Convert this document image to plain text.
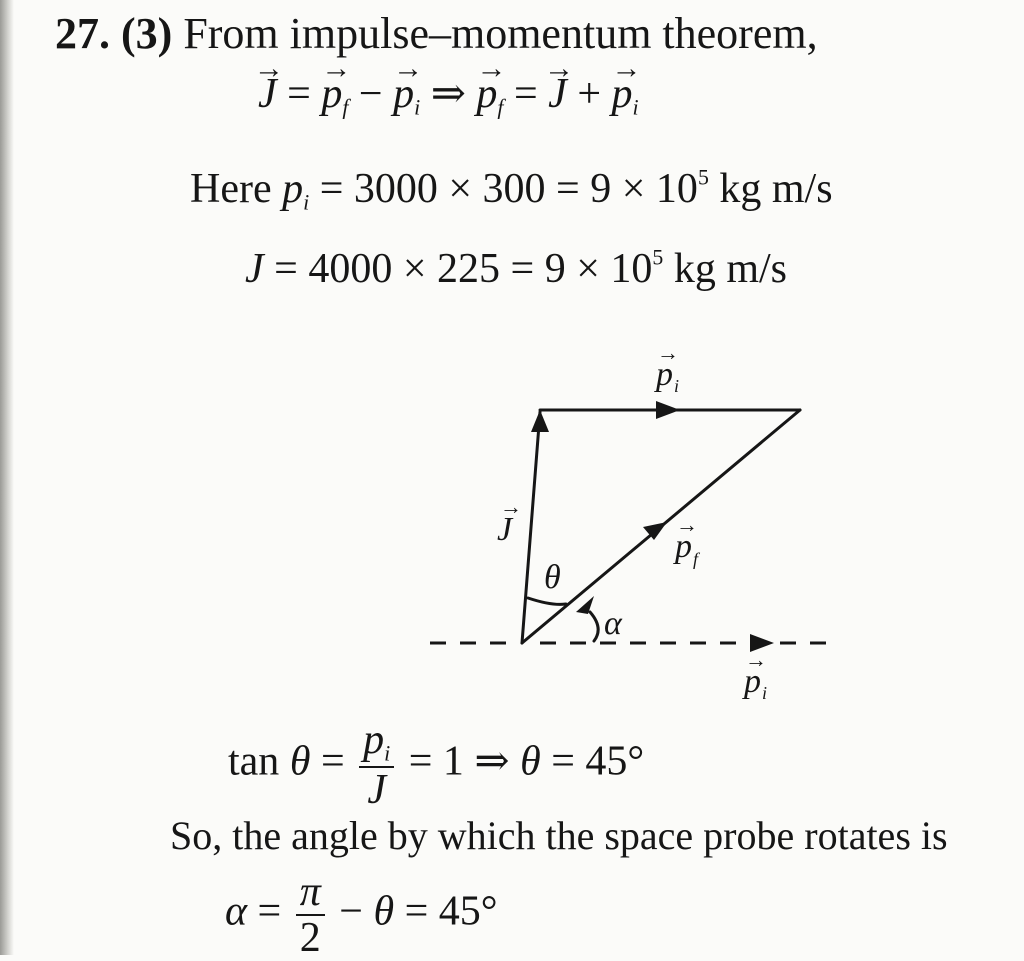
27. (3) From impulse–momentum theorem,
→ J = → $p_f$ − → $p_i$ ⇒ → $p_f$ = → J + → $p_i$
Here $p_i = 3000 \times 300 = 9 \times 10^5$ kg m/s
$J = 4000 \times 225 = 9 \times 10^5$ kg m/s
J
θ
α
p
p
p
i
f
i
→
→
→
→
$\tan \theta = \frac{p_i}{J} = 1$ ⇒ θ = 45°
So, the angle by which the space probe rotates is
$\alpha = \frac{\pi}{2} - \theta = 45^\circ$
